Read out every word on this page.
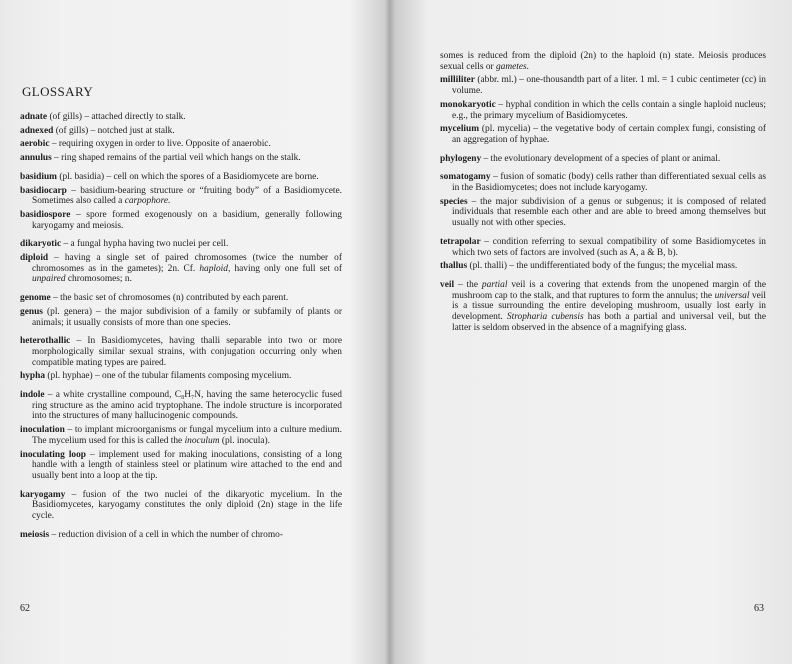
GLOSSARY

adnate (of gills) – attached directly to stalk.

adnexed (of gills) – notched just at stalk.

aerobic – requiring oxygen in order to live. Opposite of anaerobic.

annulus – ring shaped remains of the partial veil which hangs on the stalk.

basidium (pl. basidia) – cell on which the spores of a Basidiomycete are borne.

basidiocarp – basidium-bearing structure or “fruiting body” of a Basidiomycete. Sometimes also called a carpophore.

basidiospore – spore formed exogenously on a basidium, generally following karyogamy and meiosis.

dikaryotic – a fungal hypha having two nuclei per cell.

diploid – having a single set of paired chromosomes (twice the number of chromosomes as in the gametes); 2n. Cf. haploid, having only one full set of unpaired chromosomes; n.

genome – the basic set of chromosomes (n) contributed by each parent.

genus (pl. genera) – the major subdivision of a family or subfamily of plants or animals; it usually consists of more than one species.

heterothallic – In Basidiomycetes, having thalli separable into two or more morphologically similar sexual strains, with conjugation occurring only when compatible mating types are paired.

hypha (pl. hyphae) – one of the tubular filaments composing mycelium.

indole – a white crystalline compound, C₈H₇N, having the same heterocyclic fused ring structure as the amino acid tryptophane. The indole structure is incorporated into the structures of many hallucinogenic compounds.

inoculation – to implant microorganisms or fungal mycelium into a culture medium. The mycelium used for this is called the inoculum (pl. inocula).

inoculating loop – implement used for making inoculations, consisting of a long handle with a length of stainless steel or platinum wire attached to the end and usually bent into a loop at the tip.

karyogamy – fusion of the two nuclei of the dikaryotic mycelium. In the Basidiomycetes, karyogamy constitutes the only diploid (2n) stage in the life cycle.

meiosis – reduction division of a cell in which the number of chromo-

62

somes is reduced from the diploid (2n) to the haploid (n) state. Meiosis produces sexual cells or gametes.

milliliter (abbr. ml.) – one-thousandth part of a liter. 1 ml. = 1 cubic centimeter (cc) in volume.

monokaryotic – hyphal condition in which the cells contain a single haploid nucleus; e.g., the primary mycelium of Basidiomycetes.

mycelium (pl. mycelia) – the vegetative body of certain complex fungi, consisting of an aggregation of hyphae.

phylogeny – the evolutionary development of a species of plant or animal.

somatogamy – fusion of somatic (body) cells rather than differentiated sexual cells as in the Basidiomycetes; does not include karyogamy.

species – the major subdivision of a genus or subgenus; it is composed of related individuals that resemble each other and are able to breed among themselves but usually not with other species.

tetrapolar – condition referring to sexual compatibility of some Basidiomycetes in which two sets of factors are involved (such as A, a & B, b).

thallus (pl. thalli) – the undifferentiated body of the fungus; the mycelial mass.

veil – the partial veil is a covering that extends from the unopened margin of the mushroom cap to the stalk, and that ruptures to form the annulus; the universal veil is a tissue surrounding the entire developing mushroom, usually lost early in development. Stropharia cubensis has both a partial and universal veil, but the latter is seldom observed in the absence of a magnifying glass.

63
